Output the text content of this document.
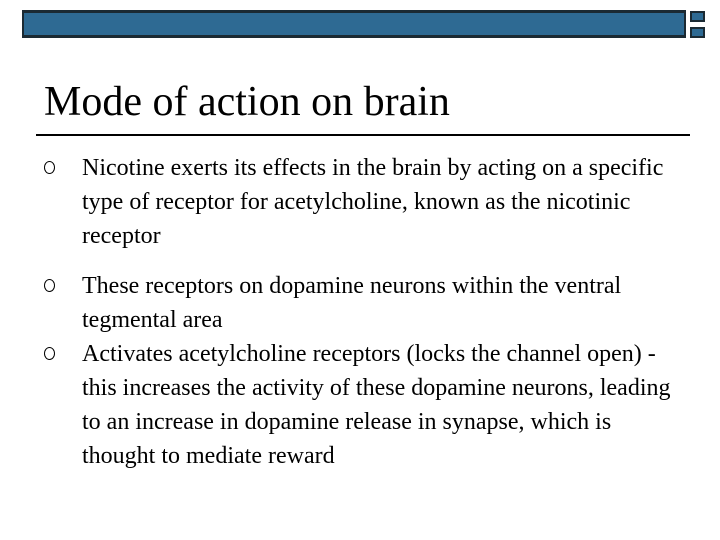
Mode of action on brain
Nicotine exerts its effects in the brain by acting on a specific type of receptor for acetylcholine, known as the nicotinic receptor
These receptors on dopamine neurons within the ventral tegmental area
Activates acetylcholine receptors (locks the channel open) - this increases the activity of these dopamine neurons, leading to an increase in dopamine release in synapse, which is thought to mediate reward
